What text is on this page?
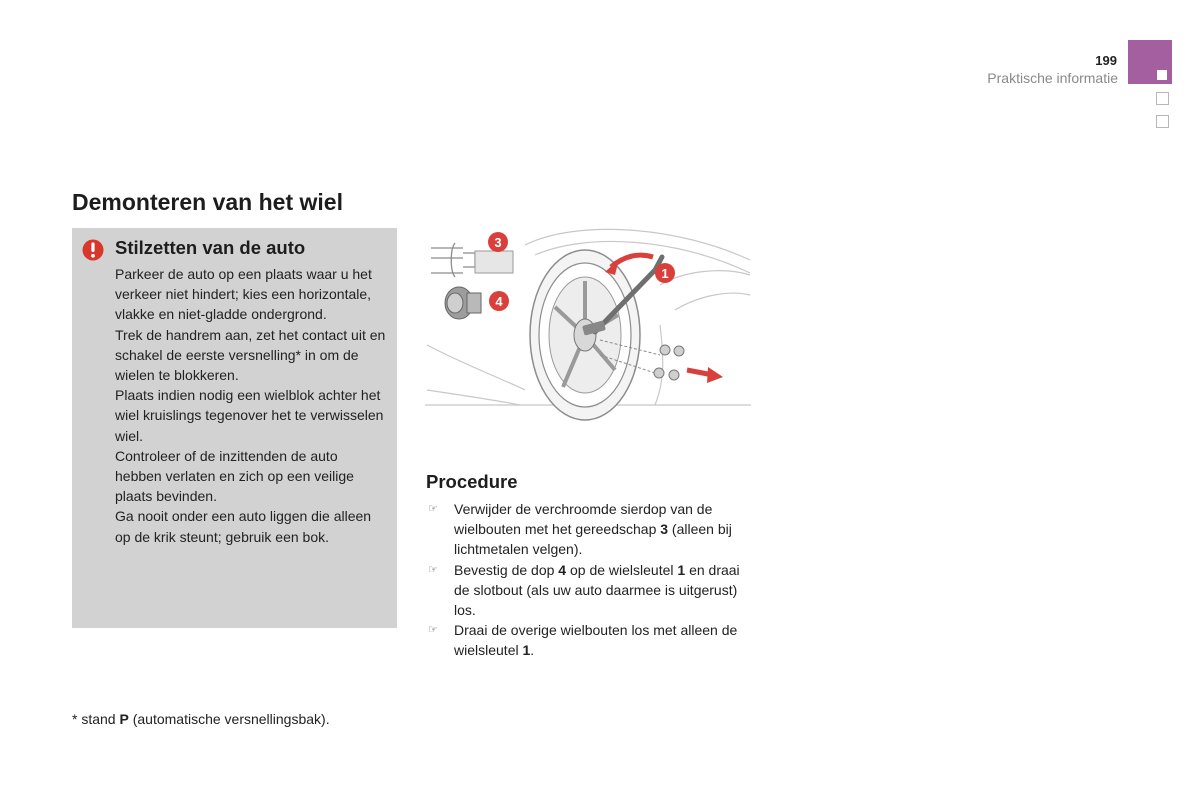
199
Praktische informatie
Demonteren van het wiel
Stilzetten van de auto

Parkeer de auto op een plaats waar u het verkeer niet hindert; kies een horizontale, vlakke en niet-gladde ondergrond.

Trek de handrem aan, zet het contact uit en schakel de eerste versnelling* in om de wielen te blokkeren.

Plaats indien nodig een wielblok achter het wiel kruislings tegenover het te verwisselen wiel.

Controleer of de inzittenden de auto hebben verlaten en zich op een veilige plaats bevinden.

Ga nooit onder een auto liggen die alleen op de krik steunt; gebruik een bok.

3
4
1
Procedure
☞ Verwijder de verchroomde sierdop van de wielbouten met het gereedschap 3 (alleen bij lichtmetalen velgen).
☞ Bevestig de dop 4 op de wielsleutel 1 en draai de slotbout (als uw auto daarmee is uitgerust) los.
☞ Draai de overige wielbouten los met alleen de wielsleutel 1.
* stand P (automatische versnellingsbak).
